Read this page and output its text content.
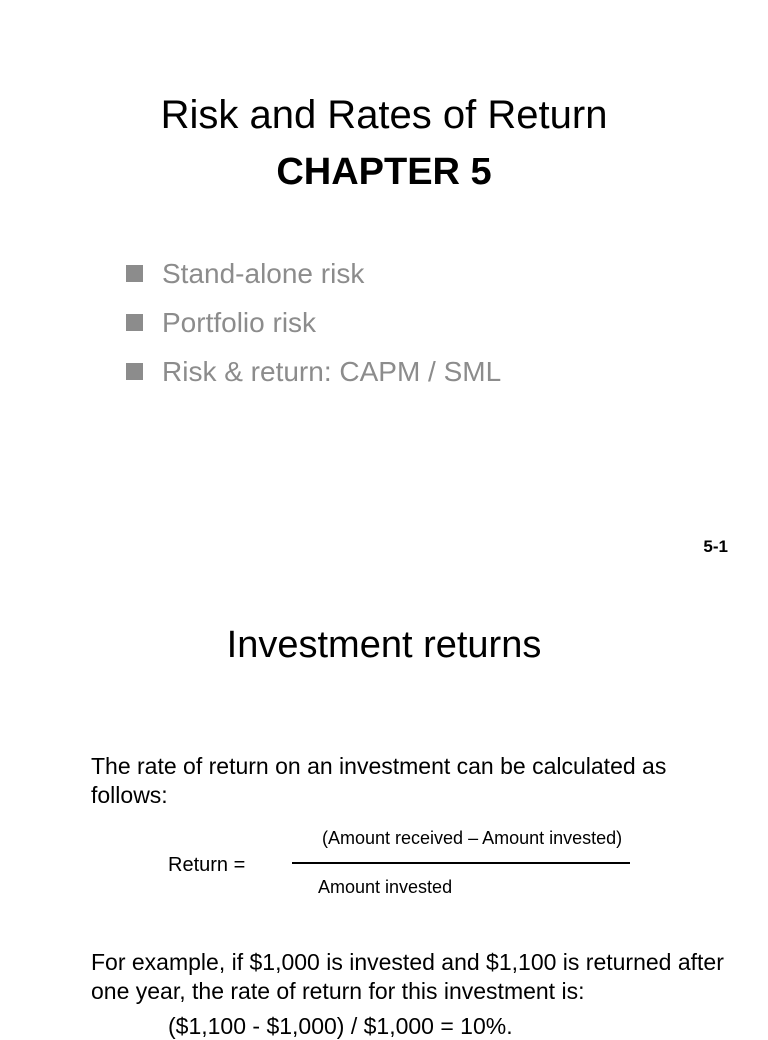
Risk and Rates of Return
CHAPTER 5
Stand-alone risk
Portfolio risk
Risk & return: CAPM / SML
5-1
Investment returns
The rate of return on an investment can be calculated as follows:
Return =
(Amount received – Amount invested)
Amount invested
For example, if $1,000 is invested and $1,100 is returned after one year, the rate of return for this investment is:
($1,100 - $1,000) / $1,000 = 10%.
